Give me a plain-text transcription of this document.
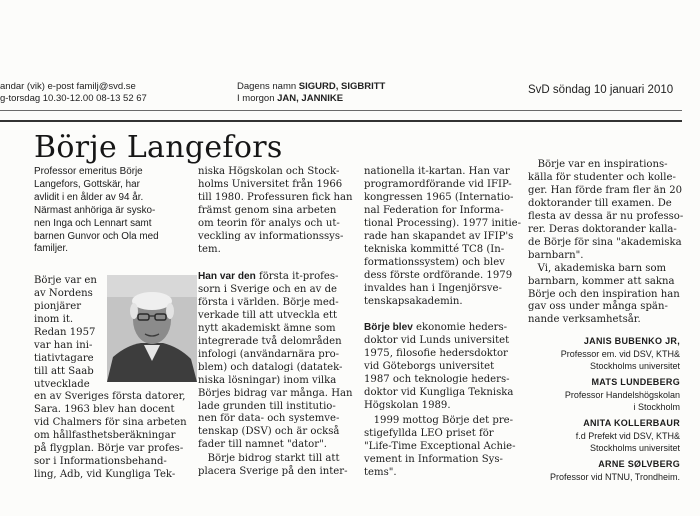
andar (vik) e-post familj@svd.se
g-torsdag 10.30-12.00 08-13 52 67
Dagens namn SIGURD, SIGBRITT
I morgon JAN, JANNIKE
SvD söndag 10 januari 2010
Börje Langefors
Professor emeritus Börje
Langefors, Gottskär, har
avlidit i en ålder av 94 år.
Närmast anhöriga är sysko-
nen Inga och Lennart samt
barnen Gunvor och Ola med
familjer.
Börje var en
av Nordens
pionjärer
inom it.
Redan 1957
var han ini-
tiativtagare
till att Saab
utvecklade
en av Sveriges första datorer,
Sara. 1963 blev han docent
vid Chalmers för sina arbeten
om hållfasthetsberäkningar
på flygplan. Börje var profes-
sor i Informationsbehand-
ling, Adb, vid Kungliga Tek-
niska Högskolan och Stock-
holms Universitet från 1966
till 1980. Professuren fick han
främst genom sina arbeten
om teorin för analys och ut-
veckling av informationssys-
tem.
Han var den första it-profes-
sorn i Sverige och en av de
första i världen. Börje med-
verkade till att utveckla ett
nytt akademiskt ämne som
integrerade två delområden
infologi (användarnära pro-
blem) och datalogi (datatek-
niska lösningar) inom vilka
Börjes bidrag var många. Han
lade grunden till institutio-
nen för data- och systemve-
tenskap (DSV) och är också
fader till namnet "dator".
Börje bidrog starkt till att
placera Sverige på den inter-
nationella it-kartan. Han var
programordförande vid IFIP-
kongressen 1965 (Internatio-
nal Federation for Informa-
tional Processing). 1977 initie-
rade han skapandet av IFIP's
tekniska kommitté TC8 (In-
formationssystem) och blev
dess förste ordförande. 1979
invaldes han i Ingenjörsve-
tenskapsakademin.
Börje blev ekonomie heders-
doktor vid Lunds universitet
1975, filosofie hedersdoktor
vid Göteborgs universitet
1987 och teknologie heders-
doktor vid Kungliga Tekniska
Högskolan 1989.
1999 mottog Börje det pre-
stigefyllda LEO priset för
"Life-Time Exceptional Achie-
vement in Information Sys-
tems".
Börje var en inspirations-
källa för studenter och kolle-
ger. Han förde fram fler än 20
doktorander till examen. De
flesta av dessa är nu professo-
rer. Deras doktorander kalla-
de Börje för sina "akademiska
barnbarn".
Vi, akademiska barn som
barnbarn, kommer att sakna
Börje och den inspiration han
gav oss under många spän-
nande verksamhetsår.
JANIS BUBENKO JR,
Professor em. vid DSV, KTH&
Stockholms universitet
MATS LUNDEBERG
Professor Handelshögskolan
i Stockholm
ANITA KOLLERBAUR
f.d Prefekt vid DSV, KTH&
Stockholms universitet
ARNE SØLVBERG
Professor vid NTNU, Trondheim.
